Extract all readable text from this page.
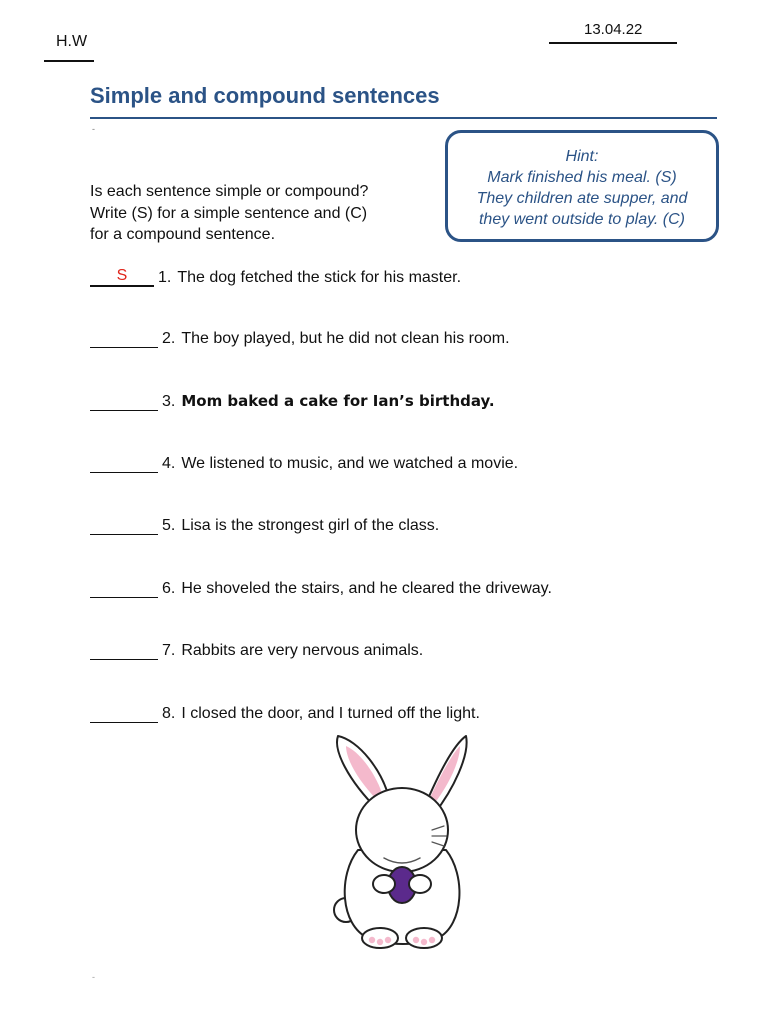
H.W
13.04.22
Simple and compound sentences
-
Is each sentence simple or compound?
Write (S) for a simple sentence and (C)
for a compound sentence.
Hint:
Mark finished his meal. (S)
They children ate supper, and
they went outside to play. (C)
S 1. The dog fetched the stick for his master.
2. The boy played, but he did not clean his room.
3. Mom baked a cake for Ian’s birthday.
4. We listened to music, and we watched a movie.
5. Lisa is the strongest girl of the class.
6. He shoveled the stairs, and he cleared the driveway.
7. Rabbits are very nervous animals.
8. I closed the door, and I turned off the light.
-
